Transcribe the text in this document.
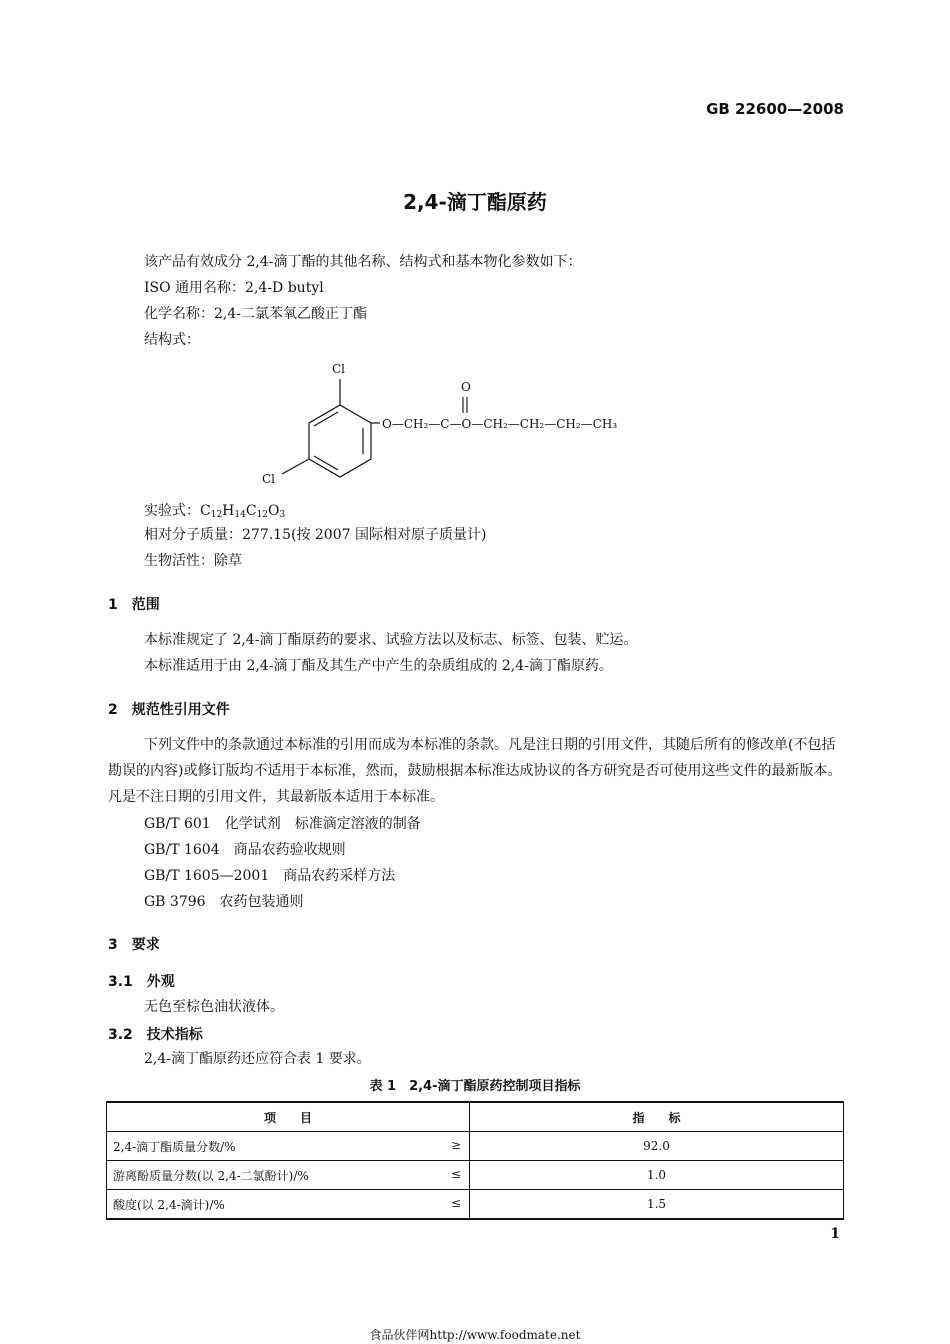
GB 22600—2008
2,4-滴丁酯原药
该产品有效成分 2,4-滴丁酯的其他名称、结构式和基本物化参数如下：
ISO 通用名称：2,4-D butyl
化学名称：2,4-二氯苯氧乙酸正丁酯
结构式：
Cl
Cl
O
O—CH₂—C—O—CH₂—CH₂—CH₂—CH₃
实验式：$C_{12}H_{14}C_{12}O_3$
相对分子质量：277.15(按 2007 国际相对原子质量计)
生物活性：除草
1　范围
本标准规定了 2,4-滴丁酯原药的要求、试验方法以及标志、标签、包装、贮运。
本标准适用于由 2,4-滴丁酯及其生产中产生的杂质组成的 2,4-滴丁酯原药。
2　规范性引用文件
下列文件中的条款通过本标准的引用而成为本标准的条款。凡是注日期的引用文件，其随后所有的修改单(不包括勘误的内容)或修订版均不适用于本标准，然而，鼓励根据本标准达成协议的各方研究是否可使用这些文件的最新版本。凡是不注日期的引用文件，其最新版本适用于本标准。
GB/T 601　化学试剂　标准滴定溶液的制备
GB/T 1604　商品农药验收规则
GB/T 1605—2001　商品农药采样方法
GB 3796　农药包装通则
3　要求
3.1　外观
无色至棕色油状液体。
3.2　技术指标
2,4-滴丁酯原药还应符合表 1 要求。
表 1　2,4-滴丁酯原药控制项目指标
项　　目	指　　标
2,4-滴丁酯质量分数/% ≥	92.0
游离酚质量分数(以 2,4-二氯酚计)/% ≤	1.0
酸度(以 2,4-滴计)/% ≤	1.5
1
食品伙伴网http://www.foodmate.net
